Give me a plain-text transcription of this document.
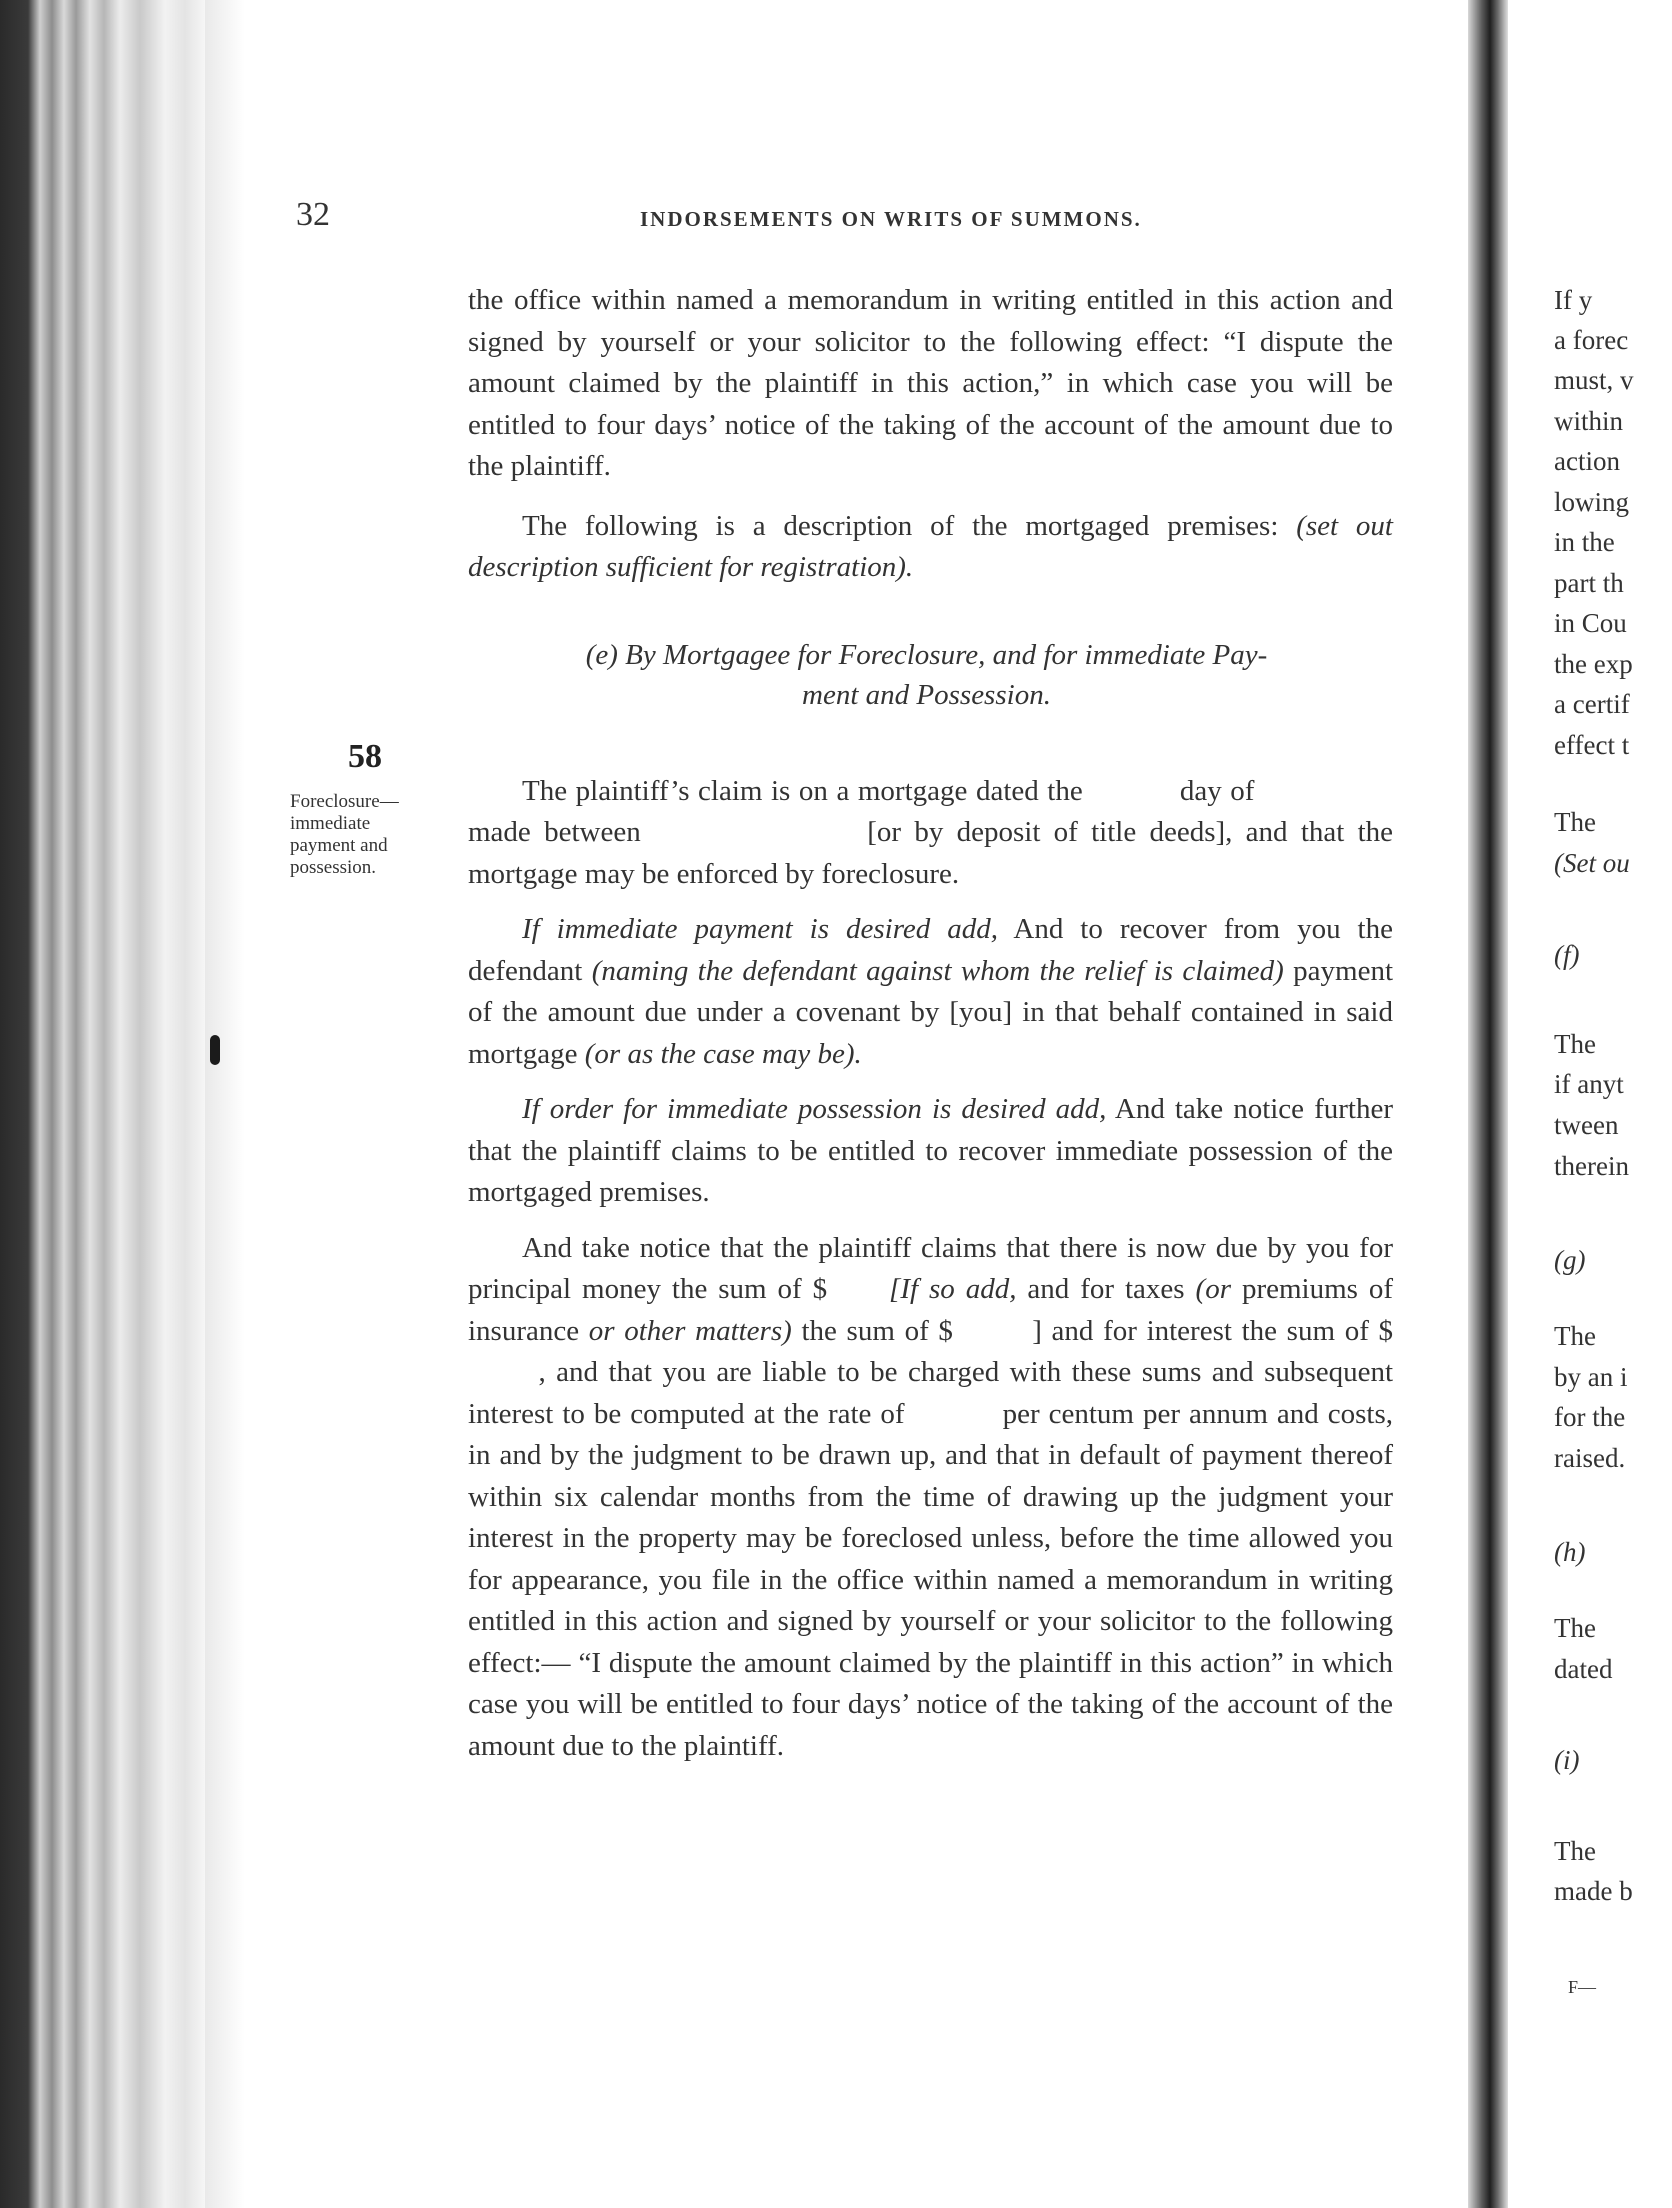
32	INDORSEMENTS ON WRITS OF SUMMONS.
58
Foreclosure—
immediate
payment and
possession.

the office within named a memorandum in writing entitled in this action and signed by yourself or your solicitor to the following effect: “I dispute the amount claimed by the plaintiff in this action,” in which case you will be entitled to four days’ notice of the taking of the account of the amount due to the plaintiff.

The following is a description of the mortgaged premises: (set out description sufficient for registration).

(e) By Mortgagee for Foreclosure, and for immediate Pay-
ment and Possession.

The plaintiff’s claim is on a mortgage dated the	day of  made between	[or by deposit of title deeds], and that the mortgage may be enforced by foreclosure.

If immediate payment is desired add, And to recover from you the defendant (naming the defendant against whom the relief is claimed) payment of the amount due under a covenant by [you] in that behalf contained in said mortgage (or as the case may be).

If order for immediate possession is desired add, And take notice further that the plaintiff claims to be entitled to recover immediate possession of the mortgaged premises.

And take notice that the plaintiff claims that there is now due by you for principal money the sum of $ [If so add, and for taxes (or premiums of insurance or other matters) the sum of $	] and for interest the sum of $  , and that you are liable to be charged with these sums and subsequent interest to be computed at the rate of	per centum per annum and costs, in and by the judgment to be drawn up, and that in default of payment thereof within six calendar months from the time of drawing up the judgment your interest in the property may be foreclosed unless, before the time allowed you for appearance, you file in the office within named a memorandum in writing entitled in this action and signed by yourself or your solicitor to the following effect:— “I dispute the amount claimed by the plaintiff in this action” in which case you will be entitled to four days’ notice of the taking of the account of the amount due to the plaintiff.

If y
a forec
must, v
within
action
lowing
in the
part th
in Cou
the exp
a certif
effect t
The
(Set ou
(f)
The
if anyt
tween
therein
(g)
The
by an i
for the
raised.
(h)
The
dated
(i)
The
made b
F—
